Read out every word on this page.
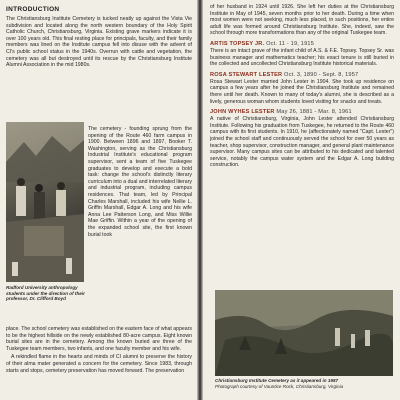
INTRODUCTION

The Christiansburg Institute Cemetery is tucked neatly up against the Vista Vie subdivision and located along the north western boundary of the Holy Spirit Catholic Church, Christiansburg, Virginia. Existing grave markers indicate it is over 100 years old. This final resting place for principals, faculty, and their family members was lined on the Institute campus fell into disuse with the advent of CI's public school status in the 1940s. Overrun with cattle and vegetation, the cemetery was all but destroyed until its rescue by the Christiansburg Institute Alumni Association in the mid 1980s.

Radford University anthropology students under the direction of their professor, Dr. Clifford Boyd

The cemetery - founding sprung from the opening of the Route 460 farm campus in 1900. Between 1896 and 1897, Booker T. Washington, serving as the Christiansburg Industrial Institute's educational program supervisor, sent a team of five Tuskegee graduates to develop and execute a bold task: change the school's distinctly literary curriculum into a dual and interrelated literary and industrial program, including campus residences. That team, led by Principal Charles Marshall, included his wife Nellie L. Griffin Marshall, Edgar A. Long and his wife Anna Lee Patterson Long, and Miss Willie Mae Griffin. Within a year of the opening of the expanded school site, the first known burial took

place. The school cemetery was established on the eastern face of what appears to be the highest hillside on the newly established 80-acre campus. Eight known burial sites are in the cemetery. Among the known buried are three of the Tuskegee team members, two infants, and one faculty member and his wife.

A rekindled flame in the hearts and minds of CI alumni to preserve the history of their alma mater generated a concern for the cemetery. Since 1983, through starts and stops, cemetery preservation has moved forward. The preservation

of her husband in 1924 until 1926. She left her duties at the Christiansburg Institute in May of 1945, seven months prior to her death. During a time when most women were not seeking, much less placed, in such positions, her entire adult life was formed around Christiansburg Institute. She, indeed, saw the school through more transformations than any of the original Tuskegee team.

ARTIS TOPSEY JR. Oct. 11 - 19, 1915

There is an intact grave of the infant child of A.S. & F.E. Topsey. Topsey Sr. was business manager and mathematics teacher; his exact tenure is still buried in the collected and uncollected Christiansburg Institute historical materials.

ROSA STEWART LESTER Oct. 3, 1890 - Sept. 8, 1957

Rosa Stewart Lester married John Lester in 1904. She took up residence on campus a few years after he joined the Christiansburg Institute and remained there until her death. Known to many of today's alumni, she is described as a lively, generous woman whom students loved visiting for snacks and treats.

JOHN WYHES LESTER May 26, 1881 - Mar. 8, 1961

A native of Christiansburg, Virginia, John Lester attended Christiansburg Institute. Following his graduation from Tuskegee, he returned to the Route 460 campus with its first students. In 1910, he (affectionately named "Capt. Lester") joined the school staff and continuously served the school for over 50 years as teacher, shop supervisor, construction manager, and general plant maintenance supervisor. Many campus sites can be attributed to his dedicated and talented service, notably the campus water system and the Edgar A. Long building construction.

Christiansburg Institute Cemetery as it appeared in 1987
Photograph courtesy of Vauntice Rock, Christiansburg, Virginia
